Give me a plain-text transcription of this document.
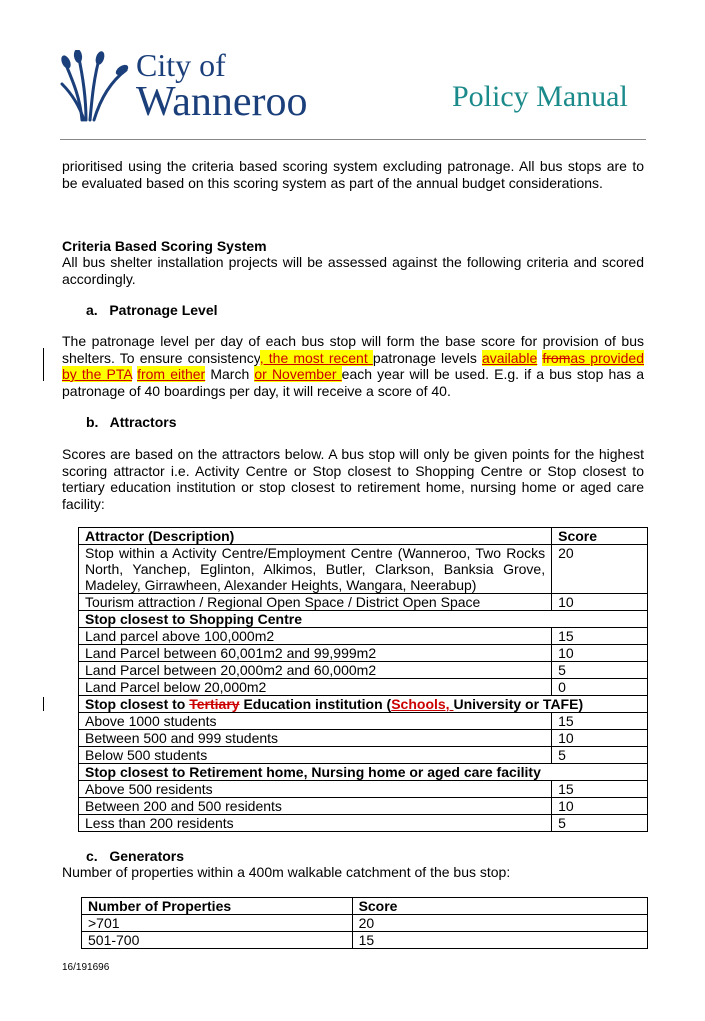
City of
Wanneroo	Policy Manual

prioritised using the criteria based scoring system excluding patronage. All bus stops are to be evaluated based on this scoring system as part of the annual budget considerations.

Criteria Based Scoring System

All bus shelter installation projects will be assessed against the following criteria and scored accordingly.

a.   Patronage Level

The patronage level per day of each bus stop will form the base score for provision of bus shelters. To ensure consistency, the most recent patronage levels available fromas provided by the PTA from either March or November each year will be used. E.g. if a bus stop has a patronage of 40 boardings per day, it will receive a score of 40.

b.   Attractors

Scores are based on the attractors below. A bus stop will only be given points for the highest scoring attractor i.e. Activity Centre or Stop closest to Shopping Centre or Stop closest to tertiary education institution or stop closest to retirement home, nursing home or aged care facility:

Attractor (Description)	Score
Stop within a Activity Centre/Employment Centre (Wanneroo, Two Rocks North, Yanchep, Eglinton, Alkimos, Butler, Clarkson, Banksia Grove, Madeley, Girrawheen, Alexander Heights, Wangara, Neerabup)	20
Tourism attraction / Regional Open Space / District Open Space	10
Stop closest to Shopping Centre	
Land parcel above 100,000m2	15
Land Parcel between 60,001m2 and 99,999m2	10
Land Parcel between 20,000m2 and 60,000m2	5
Land Parcel below 20,000m2	0
Stop closest to Tertiary Education institution (Schools, University or TAFE)	
Above 1000 students	15
Between 500 and 999 students	10
Below 500 students	5
Stop closest to Retirement home, Nursing home or aged care facility	
Above 500 residents	15
Between 200 and 500 residents	10
Less than 200 residents	5
c.   Generators
Number of properties within a 400m walkable catchment of the bus stop:
Number of Properties	Score
>701	20
501-700	15
16/191696
